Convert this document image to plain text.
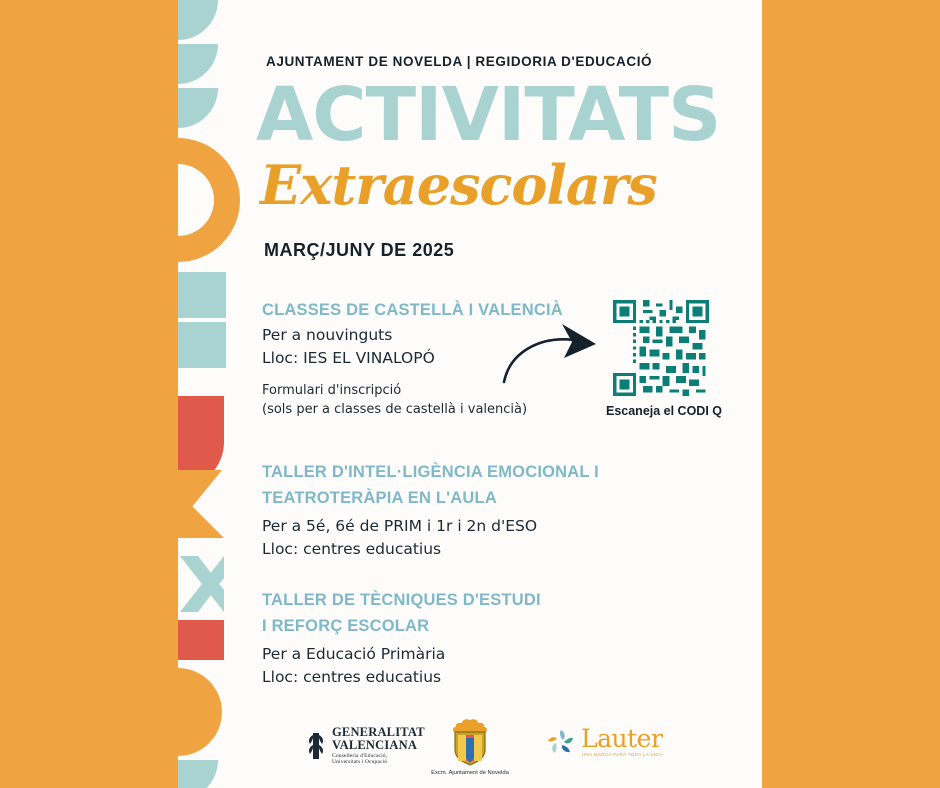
AJUNTAMENT DE NOVELDA | REGIDORIA D'EDUCACIÓ
ACTIVITATS
Extraescolars
MARÇ/JUNY DE 2025
CLASSES DE CASTELLÀ I VALENCIÀ
Per a nouvinguts
Lloc: IES EL VINALOPÓ
Formulari d'inscripció
(sols per a classes de castellà i valencià)
TALLER D'INTEL·LIGÈNCIA EMOCIONAL I
TEATROTERÀPIA EN L'AULA
Per a 5é, 6é de PRIM i 1r i 2n d'ESO
Lloc: centres educatius
TALLER DE TÈCNIQUES D'ESTUDI
I REFORÇ ESCOLAR
Per a Educació Primària
Lloc: centres educatius
Escaneja el CODI Q
GENERALITAT
VALENCIANA
Conselleria d'Educació,
Universitats i Ocupació
Excm. Ajuntament de Novelda
Lauter
UNA MARCA PARA TODA LA VIDA
